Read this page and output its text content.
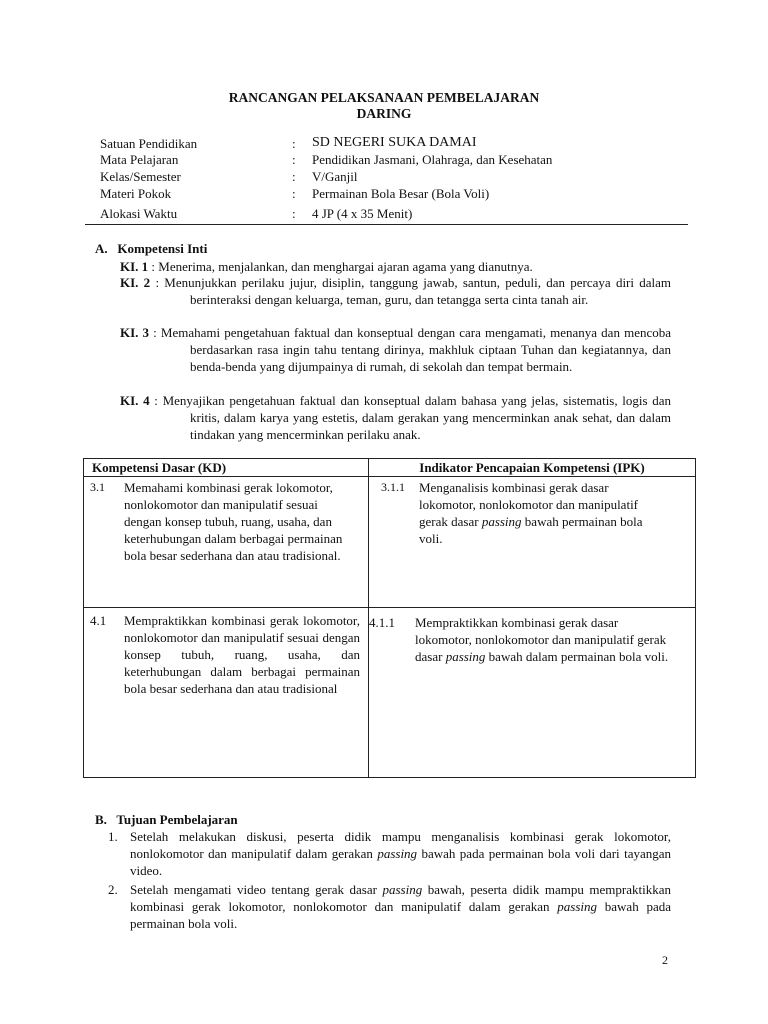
RANCANGAN PELAKSANAAN PEMBELAJARAN
DARING
Satuan Pendidikan	: SD NEGERI SUKA DAMAI
Mata Pelajaran	: Pendidikan Jasmani, Olahraga, dan Kesehatan
Kelas/Semester	: V/Ganjil
Materi Pokok	: Permainan Bola Besar (Bola Voli)
Alokasi Waktu	: 4 JP (4 x 35 Menit)
A.   Kompetensi Inti
KI. 1 : Menerima, menjalankan, dan menghargai ajaran agama yang dianutnya.
KI. 2 : Menunjukkan perilaku jujur, disiplin, tanggung jawab, santun, peduli, dan percaya diri dalam berinteraksi dengan keluarga, teman, guru, dan tetangga serta cinta tanah air.
KI. 3 : Memahami pengetahuan faktual dan konseptual dengan cara mengamati, menanya dan mencoba berdasarkan rasa ingin tahu tentang dirinya, makhluk ciptaan Tuhan dan kegiatannya, dan benda-benda yang dijumpainya di rumah, di sekolah dan tempat bermain.
KI. 4 : Menyajikan pengetahuan faktual dan konseptual dalam bahasa yang jelas, sistematis, logis dan kritis, dalam karya yang estetis, dalam gerakan yang mencerminkan anak sehat, dan dalam tindakan yang mencerminkan perilaku anak.
Kompetensi Dasar (KD)	Indikator Pencapaian Kompetensi (IPK)

3.1 Memahami kombinasi gerak lokomotor, nonlokomotor dan manipulatif sesuai dengan konsep tubuh, ruang, usaha, dan keterhubungan dalam berbagai permainan bola besar sederhana dan atau tradisional.	3.1.1 Menganalisis kombinasi gerak dasar lokomotor, nonlokomotor dan manipulatif gerak dasar passing bawah permainan bola voli.

4.1 Mempraktikkan kombinasi gerak lokomotor, nonlokomotor dan manipulatif sesuai dengan konsep tubuh, ruang, usaha, dan keterhubungan dalam berbagai permainan bola besar sederhana dan atau tradisional	4.1.1 Mempraktikkan kombinasi gerak dasar lokomotor, nonlokomotor dan manipulatif gerak dasar passing bawah dalam permainan bola voli.
B.   Tujuan Pembelajaran
1. Setelah melakukan diskusi, peserta didik mampu menganalisis kombinasi gerak lokomotor, nonlokomotor dan manipulatif dalam gerakan passing bawah pada permainan bola voli dari tayangan video.
2. Setelah mengamati video tentang gerak dasar passing bawah, peserta didik mampu mempraktikkan kombinasi gerak lokomotor, nonlokomotor dan manipulatif dalam gerakan passing bawah pada permainan bola voli.
2
